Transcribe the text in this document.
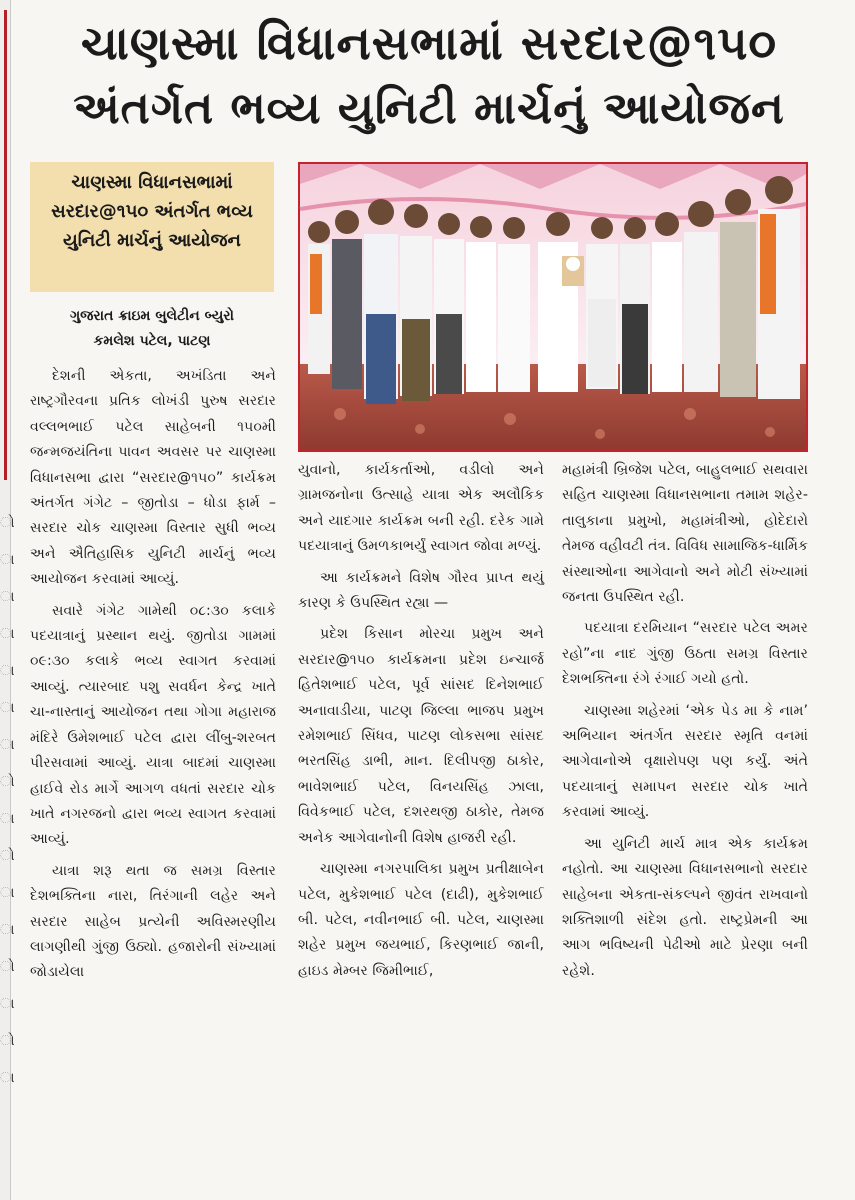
ો
ા
ા
ા
ા
ા
ા
ો
ા
ો
ા
ા
ો
ા
ો
ા
ચાણસ્મા વિધાનસભામાં સરદાર@૧૫૦
અંતર્ગત ભવ્ય યુનિટી માર્ચનું આયોજન
ચાણસ્મા વિધાનસભામાં સરદાર@૧૫૦ અંતર્ગત ભવ્ય યુનિટી માર્ચનું આયોજન
ગુજરાત ક્રાઇમ બુલેટીન બ્યુરો
કમલેશ પટેલ, પાટણ

દેશની એકતા, અખંડિતા અને રાષ્ટ્રગૌરવના પ્રતિક લોખંડી પુરુષ સરદાર વલ્લભભાઈ પટેલ સાહેબની ૧૫૦મી જન્મજયંતિના પાવન અવસર પર ચાણસ્મા વિધાનસભા દ્વારા “સરદાર@૧૫૦” કાર્યક્રમ અંતર્ગત ગંગેટ – જીતોડા – ધોડા ફાર્મ – સરદાર ચોક ચાણસ્મા વિસ્તાર સુધી ભવ્ય અને ઐતિહાસિક યુનિટી માર્ચનું ભવ્ય આયોજન કરવામાં આવ્યું.

સવારે ગંગેટ ગામેથી ૦૮:૩૦ કલાકે પદયાત્રાનું પ્રસ્થાન થયું. જીતોડા ગામમાં ૦૯:૩૦ કલાકે ભવ્ય સ્વાગત કરવામાં આવ્યું. ત્યારબાદ પશુ સવર્ધન કેન્દ્ર ખાતે ચા-નાસ્તાનું આયોજન તથા ગોગા મહારાજ મંદિરે ઉમેશભાઈ પટેલ દ્વારા લીંબુ-શરબત પીરસવામાં આવ્યું. યાત્રા બાદમાં ચાણસ્મા હાઈવે રોડ માર્ગે આગળ વધતાં સરદાર ચોક ખાતે નગરજનો દ્વારા ભવ્ય સ્વાગત કરવામાં આવ્યું.

યાત્રા શરૂ થતા જ સમગ્ર વિસ્તાર દેશભક્તિના નારા, તિરંગાની લહેર અને સરદાર સાહેબ પ્રત્યેની અવિસ્મરણીય લાગણીથી ગુંજી ઉઠ્યો. હજારોની સંખ્યામાં જોડાયેલા

યુવાનો, કાર્યકર્તાઓ, વડીલો અને ગ્રામજનોના ઉત્સાહે યાત્રા એક અલૌકિક અને યાદગાર કાર્યક્રમ બની રહી. દરેક ગામે પદયાત્રાનું ઉમળકાભર્યું સ્વાગત જોવા મળ્યું.

આ કાર્યક્રમને વિશેષ ગૌરવ પ્રાપ્ત થયું કારણ કે ઉપસ્થિત રહ્યા —

પ્રદેશ કિસાન મોરચા પ્રમુખ અને સરદાર@૧૫૦ કાર્યક્રમના પ્રદેશ ઇન્ચાર્જ હિતેશભાઈ પટેલ, પૂર્વ સાંસદ દિનેશભાઈ અનાવાડીયા, પાટણ જિલ્લા ભાજપ પ્રમુખ રમેશભાઈ સિંધવ, પાટણ લોકસભા સાંસદ ભરતસિંહ ડાભી, માન. દિલીપજી ઠાકોર, ભાવેશભાઈ પટેલ, વિનયસિંહ ઝાલા, વિવેકભાઈ પટેલ, દશરથજી ઠાકોર, તેમજ અનેક આગેવાનોની વિશેષ હાજરી રહી.

ચાણસ્મા નગરપાલિકા પ્રમુખ પ્રતીક્ષાબેન પટેલ, મુકેશભાઈ પટેલ (દાઢી), મુકેશભાઈ બી. પટેલ, નવીનભાઈ બી. પટેલ, ચાણસ્મા શહેર પ્રમુખ જયભાઈ, કિરણભાઈ જાની, હાઇડ મેમ્બર જિમીભાઈ,

મહામંત્રી બ્રિજેશ પટેલ, બાહુલભાઈ સથવારા સહિત ચાણસ્મા વિધાનસભાના તમામ શહેર-તાલુકાના પ્રમુખો, મહામંત્રીઓ, હોદેદારો તેમજ વહીવટી તંત્ર. વિવિધ સામાજિક-ધાર્મિક સંસ્થાઓના આગેવાનો અને મોટી સંખ્યામાં જનતા ઉપસ્થિત રહી.

પદયાત્રા દરમિયાન “સરદાર પટેલ અમર રહો”ના નાદ ગુંજી ઉઠતા સમગ્ર વિસ્તાર દેશભક્તિના રંગે રંગાઈ ગયો હતો.

ચાણસ્મા શહેરમાં ‘એક પેડ મા કે નામ’ અભિયાન અંતર્ગત સરદાર સ્મૃતિ વનમાં આગેવાનોએ વૃક્ષારોપણ પણ કર્યું. અંતે પદયાત્રાનું સમાપન સરદાર ચોક ખાતે કરવામાં આવ્યું.

આ યુનિટી માર્ચ માત્ર એક કાર્યક્રમ નહોતો. આ ચાણસ્મા વિધાનસભાનો સરદાર સાહેબના એકતા-સંકલ્પને જીવંત રાખવાનો શક્તિશાળી સંદેશ હતો. રાષ્ટ્રપ્રેમની આ આગ ભવિષ્યની પેઢીઓ માટે પ્રેરણા બની રહેશે.
